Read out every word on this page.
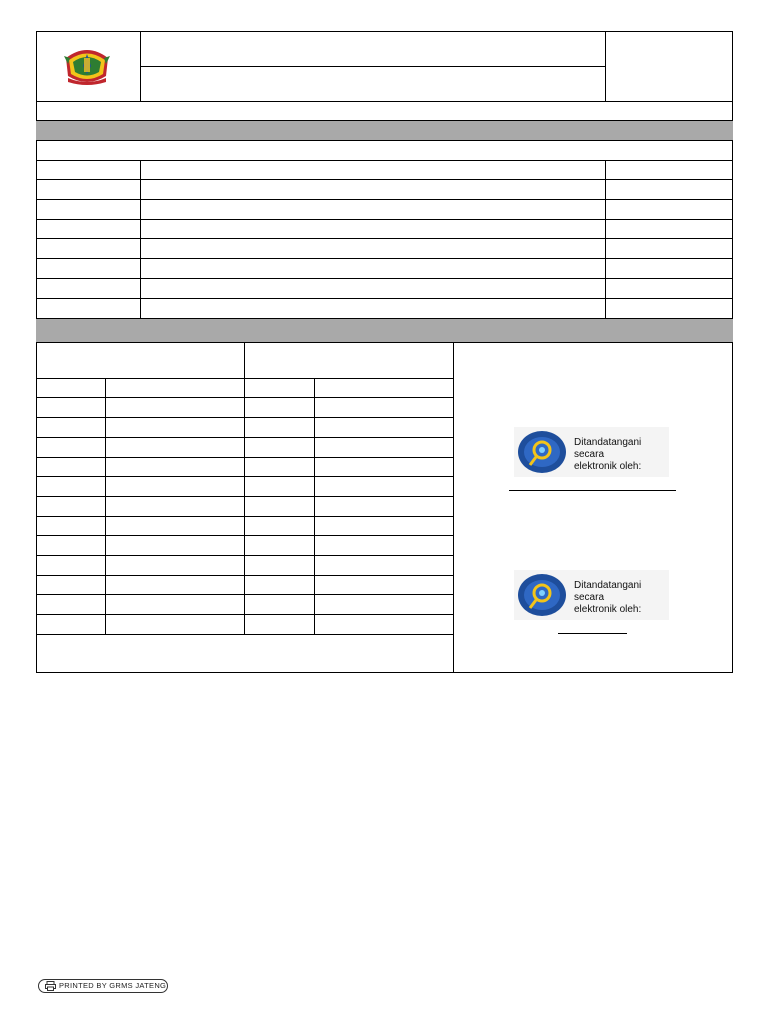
Ditandatangani secara
elektronik oleh:
Ditandatangani secara
elektronik oleh:
PRINTED BY GRMS JATENG
